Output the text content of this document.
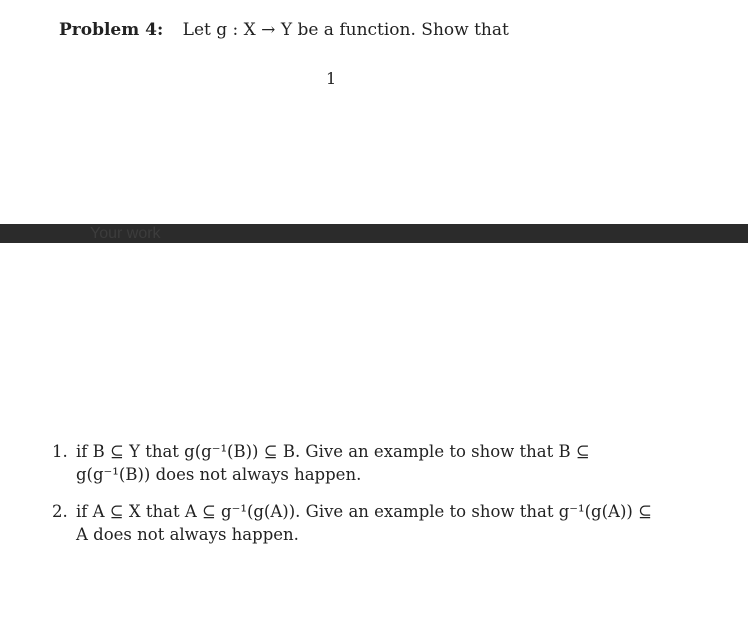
Problem 4: Let g : X → Y be a function. Show that
1
Your work
1. if B ⊆ Y that g(g⁻¹(B)) ⊆ B. Give an example to show that B ⊆
g(g⁻¹(B)) does not always happen.
2. if A ⊆ X that A ⊆ g⁻¹(g(A)). Give an example to show that g⁻¹(g(A)) ⊆
A does not always happen.
